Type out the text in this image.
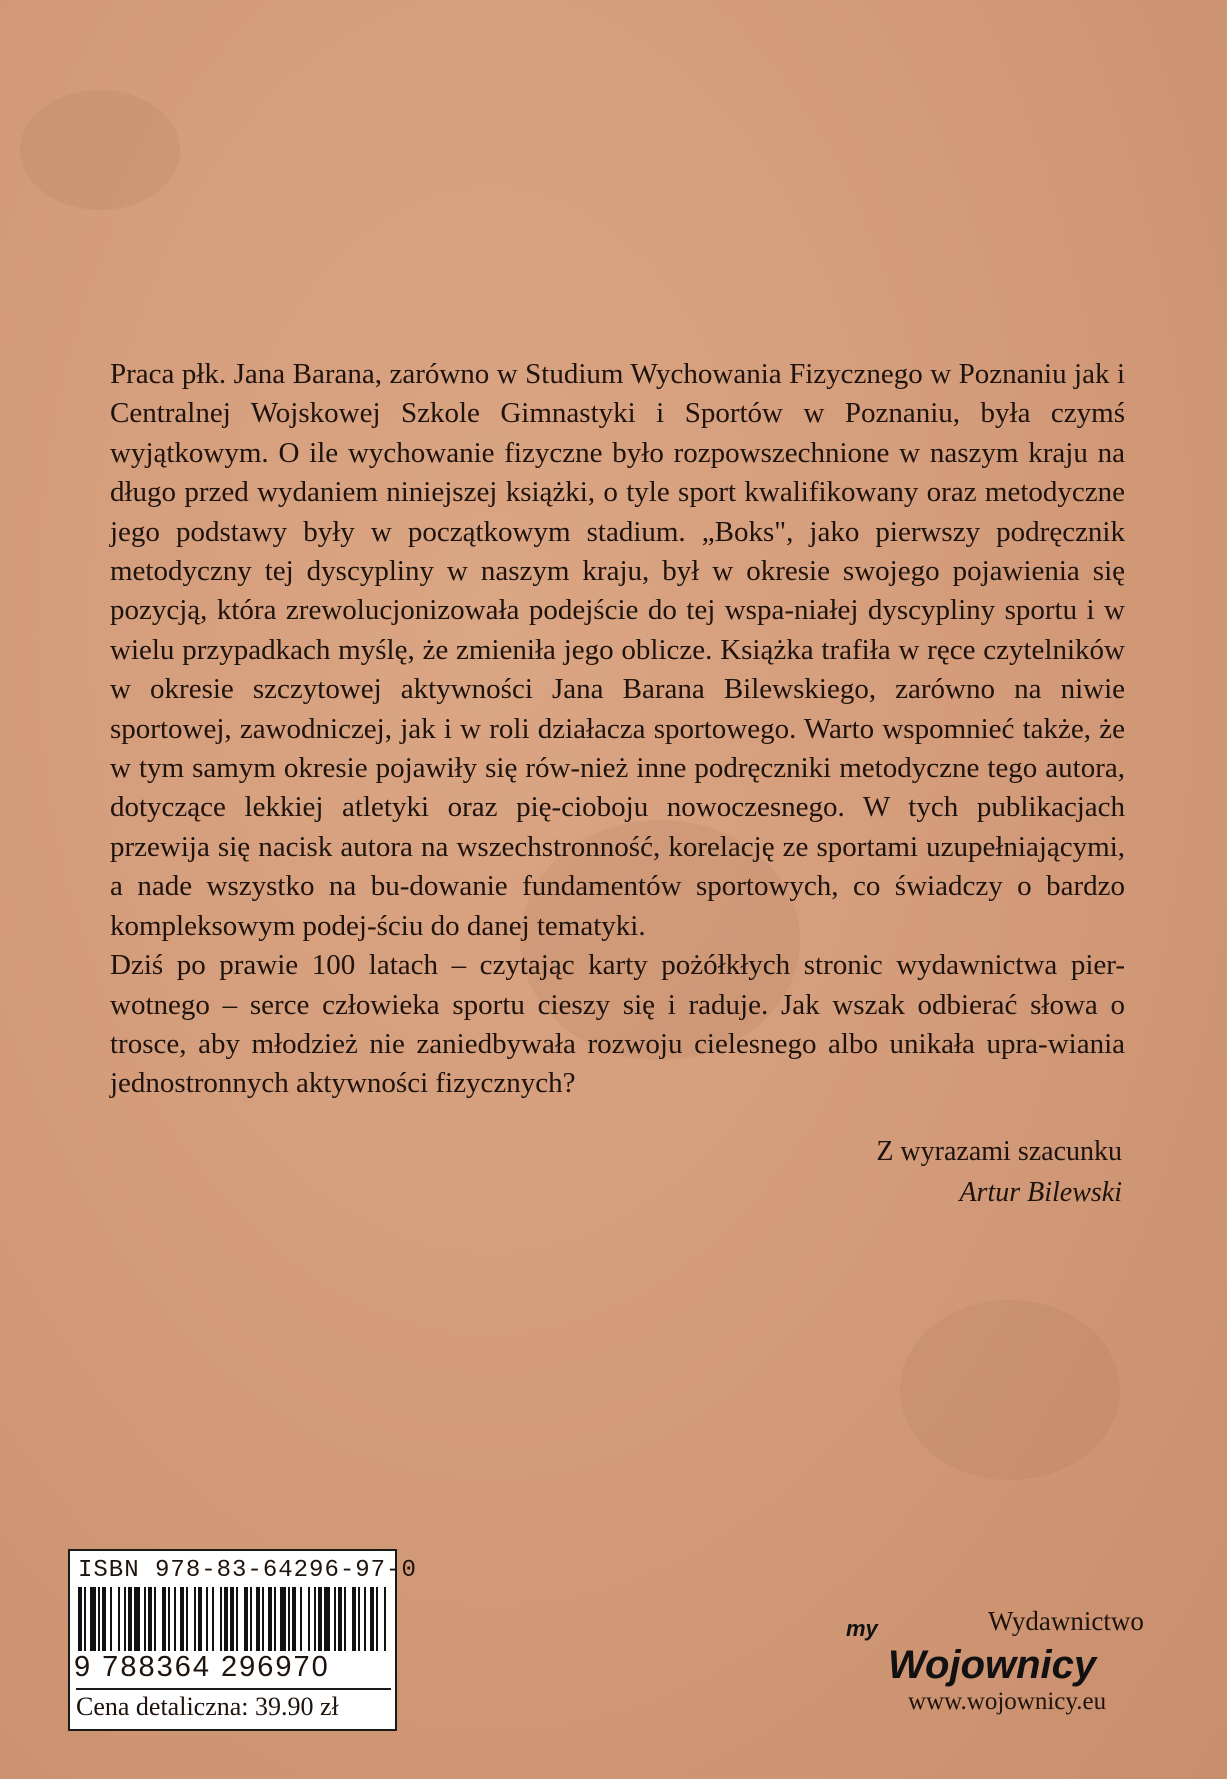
Praca płk. Jana Barana, zarówno w Studium Wychowania Fizycznego w Poznaniu jak i Centralnej Wojskowej Szkole Gimnastyki i Sportów w Poznaniu, była czymś wyjątkowym. O ile wychowanie fizyczne było rozpowszechnione w naszym kraju na długo przed wydaniem niniejszej książki, o tyle sport kwalifikowany oraz metodyczne jego podstawy były w początkowym stadium. „Boks", jako pierwszy podręcznik metodyczny tej dyscypliny w naszym kraju, był w okresie swojego pojawienia się pozycją, która zrewolucjonizowała podejście do tej wspa-niałej dyscypliny sportu i w wielu przypadkach myślę, że zmieniła jego oblicze. Książka trafiła w ręce czytelników w okresie szczytowej aktywności Jana Barana Bilewskiego, zarówno na niwie sportowej, zawodniczej, jak i w roli działacza sportowego. Warto wspomnieć także, że w tym samym okresie pojawiły się rów-nież inne podręczniki metodyczne tego autora, dotyczące lekkiej atletyki oraz pię-cioboju nowoczesnego. W tych publikacjach przewija się nacisk autora na wszechstronność, korelację ze sportami uzupełniającymi, a nade wszystko na bu-dowanie fundamentów sportowych, co świadczy o bardzo kompleksowym podej-ściu do danej tematyki.

Dziś po prawie 100 latach – czytając karty pożółkłych stronic wydawnictwa pier-wotnego – serce człowieka sportu cieszy się i raduje. Jak wszak odbierać słowa o trosce, aby młodzież nie zaniedbywała rozwoju cielesnego albo unikała upra-wiania jednostronnych aktywności fizycznych?

Z wyrazami szacunku
Artur Bilewski
ISBN 978-83-64296-97-0
9 788364 296970
Cena detaliczna: 39.90 zł
my
Wojownicy
Wydawnictwo
www.wojownicy.eu
